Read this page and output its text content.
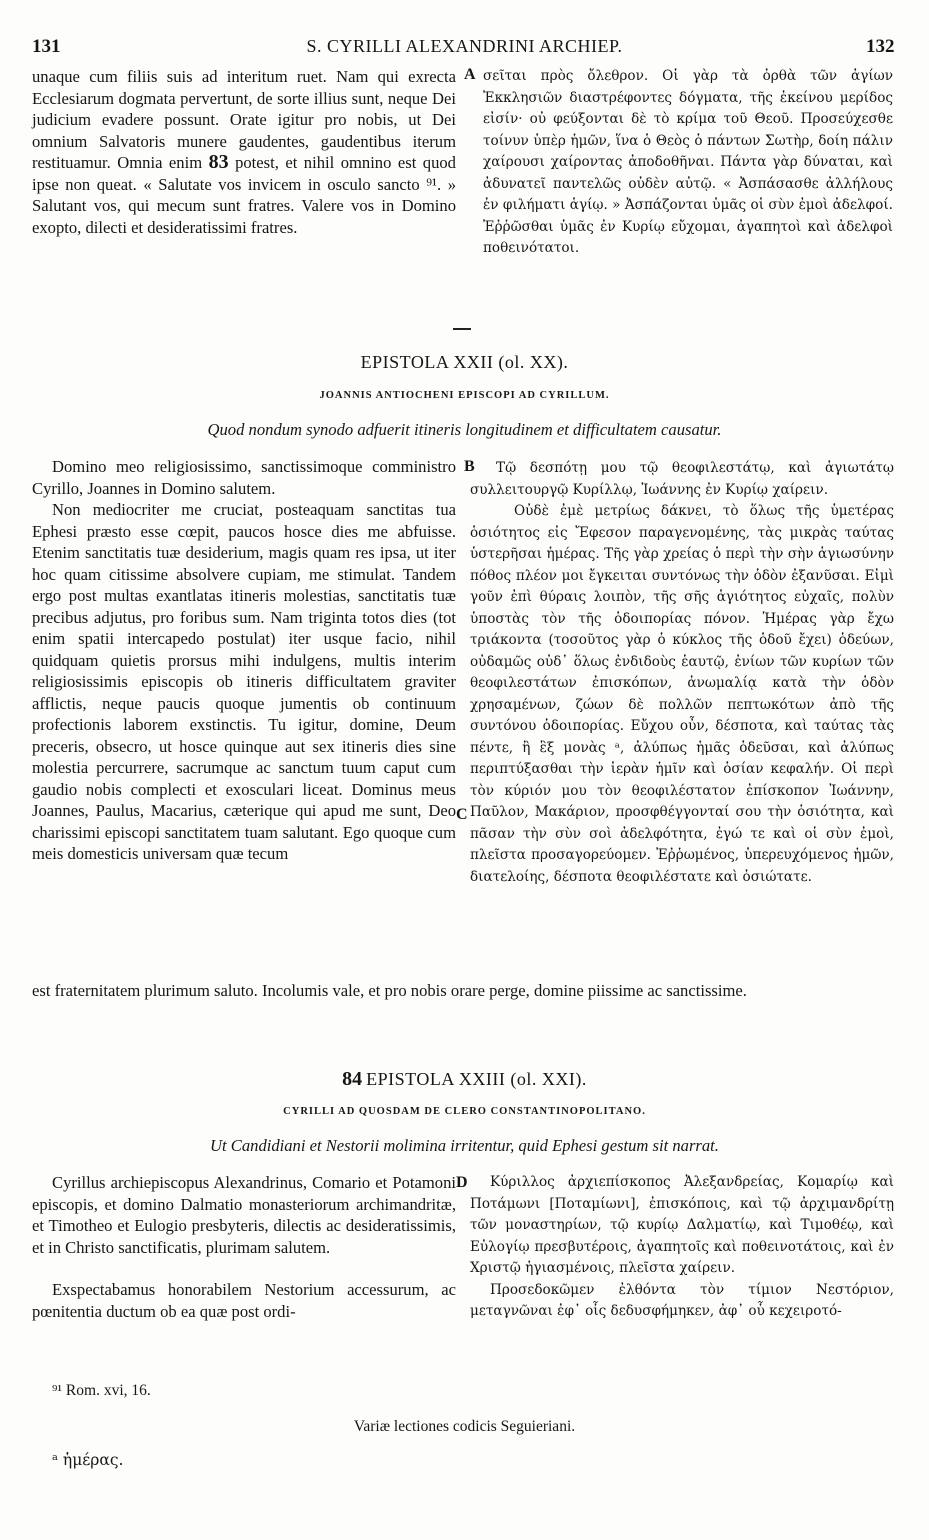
131	S. CYRILLI ALEXANDRINI ARCHIEP.	132

unaque cum filiis suis ad interitum ruet. Nam qui exrecta Ecclesiarum dogmata pervertunt, de sorte illius sunt, neque Dei judicium evadere possunt. Orate igitur pro nobis, ut Dei omnium Salvatoris munere gaudentes, gaudentibus iterum restituamur. Omnia enim 83 potest, et nihil omnino est quod ipse non queat. « Salutate vos invicem in osculo sancto ⁹¹. » Salutant vos, qui mecum sunt fratres. Valere vos in Domino exopto, dilecti et desideratissimi fratres.

A σεῖται πρὸς ὄλεθρον. Οἱ γὰρ τὰ ὀρθὰ τῶν ἁγίων Ἐκκλησιῶν διαστρέφοντες δόγματα, τῆς ἐκείνου μερίδος εἰσίν· οὐ φεύξονται δὲ τὸ κρίμα τοῦ Θεοῦ. Προσεύχεσθε τοίνυν ὑπὲρ ἡμῶν, ἵνα ὁ Θεὸς ὁ πάντων Σωτὴρ, δοίη πάλιν χαίρουσι χαίροντας ἀποδοθῆναι. Πάντα γὰρ δύναται, καὶ ἀδυνατεῖ παντελῶς οὐδὲν αὐτῷ. « Ἀσπάσασθε ἀλλήλους ἐν φιλήματι ἁγίῳ. » Ἀσπάζονται ὑμᾶς οἱ σὺν ἐμοὶ ἀδελφοί. Ἐῤῥῶσθαι ὑμᾶς ἐν Κυρίῳ εὔχομαι, ἀγαπητοὶ καὶ ἀδελφοὶ ποθεινότατοι.

EPISTOLA XXII (ol. XX).
JOANNIS ANTIOCHENI EPISCOPI AD CYRILLUM.
Quod nondum synodo adfuerit itineris longitudinem et difficultatem causatur.

Domino meo religiosissimo, sanctissimoque comministro Cyrillo, Joannes in Domino salutem.

Non mediocriter me cruciat, posteaquam sanctitas tua Ephesi præsto esse cœpit, paucos hosce dies me abfuisse. Etenim sanctitatis tuæ desiderium, magis quam res ipsa, ut iter hoc quam citissime absolvere cupiam, me stimulat. Tandem ergo post multas exantlatas itineris molestias, sanctitatis tuæ precibus adjutus, pro foribus sum. Nam triginta totos dies (tot enim spatii intercapedo postulat) iter usque facio, nihil quidquam quietis prorsus mihi indulgens, multis interim religiosissimis episcopis ob itineris difficultatem graviter afflictis, neque paucis quoque jumentis ob continuum profectionis laborem exstinctis. Tu igitur, domine, Deum preceris, obsecro, ut hosce quinque aut sex itineris dies sine molestia percurrere, sacrumque ac sanctum tuum caput cum gaudio nobis complecti et exosculari liceat. Dominus meus Joannes, Paulus, Macarius, cæterique qui apud me sunt, Deo charissimi episcopi sanctitatem tuam salutant. Ego quoque cum meis domesticis universam quæ tecum

B
C

Τῷ δεσπότῃ μου τῷ θεοφιλεστάτῳ, καὶ ἁγιωτάτῳ συλλειτουργῷ Κυρίλλῳ, Ἰωάννης ἐν Κυρίῳ χαίρειν.

Οὐδὲ ἐμὲ μετρίως δάκνει, τὸ ὅλως τῆς ὑμετέρας ὁσιότητος εἰς Ἔφεσον παραγενομένης, τὰς μικρὰς ταύτας ὑστερῆσαι ἡμέρας. Τῆς γὰρ χρείας ὁ περὶ τὴν σὴν ἁγιωσύνην πόθος πλέον μοι ἔγκειται συντόνως τὴν ὁδὸν ἐξανῦσαι. Εἰμὶ γοῦν ἐπὶ θύραις λοιπὸν, τῆς σῆς ἁγιότητος εὐχαῖς, πολὺν ὑποστὰς τὸν τῆς ὁδοιπορίας πόνον. Ἡμέρας γὰρ ἔχω τριάκοντα (τοσοῦτος γὰρ ὁ κύκλος τῆς ὁδοῦ ἔχει) ὁδεύων, οὐδαμῶς οὐδ᾽ ὅλως ἐνδιδοὺς ἑαυτῷ, ἐνίων τῶν κυρίων τῶν θεοφιλεστάτων ἐπισκόπων, ἀνωμαλίᾳ κατὰ τὴν ὁδὸν χρησαμένων, ζώων δὲ πολλῶν πεπτωκότων ἀπὸ τῆς συντόνου ὁδοιπορίας. Εὔχου οὖν, δέσποτα, καὶ ταύτας τὰς πέντε, ἢ ἓξ μονὰς ᵃ, ἀλύπως ἡμᾶς ὁδεῦσαι, καὶ ἀλύπως περιπτύξασθαι τὴν ἱερὰν ἡμῖν καὶ ὁσίαν κεφαλήν. Οἱ περὶ τὸν κύριόν μου τὸν θεοφιλέστατον ἐπίσκοπον Ἰωάννην, Παῦλον, Μακάριον, προσφθέγγονταί σου τὴν ὁσιότητα, καὶ πᾶσαν τὴν σὺν σοὶ ἀδελφότητα, ἐγώ τε καὶ οἱ σὺν ἐμοὶ, πλεῖστα προσαγορεύομεν. Ἐῤῥωμένος, ὑπερευχόμενος ἡμῶν, διατελοίης, δέσποτα θεοφιλέστατε καὶ ὁσιώτατε.

est fraternitatem plurimum saluto. Incolumis vale, et pro nobis orare perge, domine piissime ac sanctissime.
84 EPISTOLA XXIII (ol. XXI).
CYRILLI AD QUOSDAM DE CLERO CONSTANTINOPOLITANO.
Ut Candidiani et Nestorii molimina irritentur, quid Ephesi gestum sit narrat.

Cyrillus archiepiscopus Alexandrinus, Comario et Potamoni episcopis, et domino Dalmatio monasteriorum archimandritæ, et Timotheo et Eulogio presbyteris, dilectis ac desideratissimis, et in Christo sanctificatis, plurimam salutem.

Exspectabamus honorabilem Nestorium accessurum, ac pœnitentia ductum ob ea quæ post ordi-

D	Κύριλλος ἀρχιεπίσκοπος Ἀλεξανδρείας, Κομαρίῳ καὶ Ποτάμωνι [Ποταμίωνι], ἐπισκόποις, καὶ τῷ ἀρχιμανδρίτῃ τῶν μοναστηρίων, τῷ κυρίῳ Δαλματίῳ, καὶ Τιμοθέῳ, καὶ Εὐλογίῳ πρεσβυτέροις, ἀγαπητοῖς καὶ ποθεινοτάτοις, καὶ ἐν Χριστῷ ἡγιασμένοις, πλεῖστα χαίρειν.

Προσεδοκῶμεν ἐλθόντα τὸν τίμιον Νεστόριον, μεταγνῶναι ἐφ᾽ οἷς δεδυσφήμηκεν, ἀφ᾽ οὗ κεχειροτό-

⁹¹ Rom. xvi, 16.
Variæ lectiones codicis Seguieriani.
ᵃ ἡμέρας.
